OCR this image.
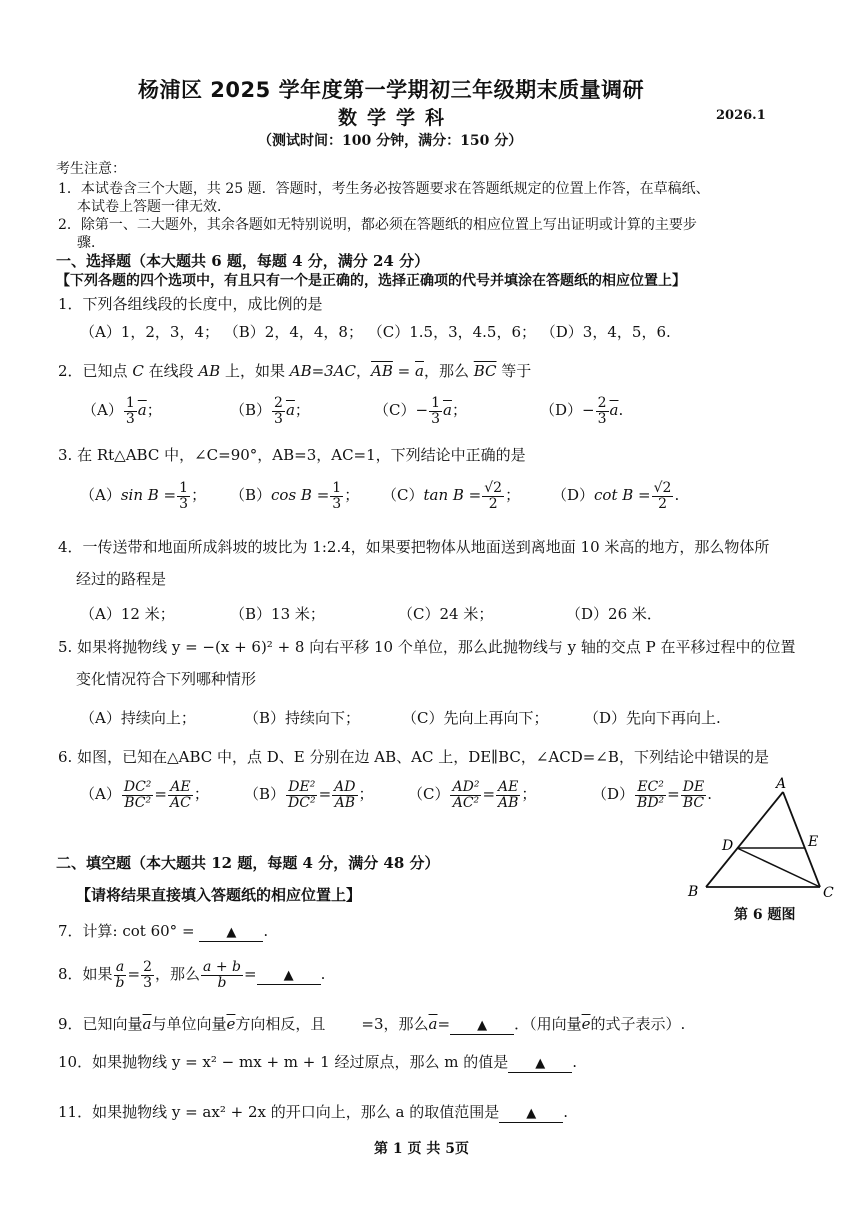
杨浦区 2025 学年度第一学期初三年级期末质量调研
数学学科	2026.1
（测试时间：100 分钟，满分：150 分）
考生注意：
1．本试卷含三个大题，共 25 题．答题时，考生务必按答题要求在答题纸规定的位置上作答，在草稿纸、
本试卷上答题一律无效．
2．除第一、二大题外，其余各题如无特别说明，都必须在答题纸的相应位置上写出证明或计算的主要步
骤．
一、选择题（本大题共 6 题，每题 4 分，满分 24 分）
【下列各题的四个选项中，有且只有一个是正确的，选择正确项的代号并填涂在答题纸的相应位置上】
1．下列各组线段的长度中，成比例的是
（A）1，2，3，4； （B）2，4，4，8； （C）1.5，3，4.5，6； （D）3，4，5，6.
2．已知点 C 在线段 AB 上，如果 AB=3AC，$\overline{AB} = \overline{a}$，那么 $\overline{BC}$ 等于
$(A) \frac{1}{3} \overline{a}$；	$(B) \frac{2}{3} \overline{a}$；	$(C)- \frac{1}{3} \overline{a}$；	$(D)- \frac{2}{3} \overline{a}$.
3. 在 Rt△ABC 中，∠C=90°，AB=3，AC=1，下列结论中正确的是
（A）sin $B = \frac{1}{3}$ ； （B）cos $B = \frac{1}{3}$ ； （C）tan $B = \frac{√2}{2}$ ； （D）cot $B = \frac{√2}{2}$ .
4．一传送带和地面所成斜坡的坡比为 1:2.4，如果要把物体从地面送到离地面 10 米高的地方，那么物体所
经过的路程是
（A）12 米；	（B）13 米；	（C）24 米；	（D）26 米．
5. 如果将抛物线 y = −(x + 6)² + 8 向右平移 10 个单位，那么此抛物线与 y 轴的交点 P 在平移过程中的位置
变化情况符合下列哪种情形
（A）持续向上；	（B）持续向下；	（C）先向上再向下； （D）先向下再向上.
6. 如图，已知在△ABC 中，点 D、E 分别在边 AB、AC 上，DE∥BC，∠ACD=∠B，下列结论中错误的是
$(A) \frac{\text{DC²}}{\text{BC²}} = \frac{AE}{AC}$ ； $(B) \frac{\text{DE²}}{\text{DC²}} = \frac{AD}{AB}$ ； $(C) \frac{\text{AD²}}{\text{AC²}} = \frac{AE}{AB}$ ；	$(D) \frac{\text{EC²}}{\text{BD²}} = \frac{DE}{BC}$ .
A
B	C
D	E
第 6 题图
二、填空题（本大题共 12 题，每题 4 分，满分 48 分）
【请将结果直接填入答题纸的相应位置上】
7．计算: cot 60° = ▲ .
8．如果 $\frac{a}{b} = \frac{2}{3}$ ，那么 $\frac{a + b}{b}$ = ▲ .
9．已知向量$\overline{a}$与单位向量$\overline{e}$方向相反，且 =3，那么$\overline{a}=$ ▲ ．（用向量$\overline{e}$的式子表示）.
10．如果抛物线 y = x² − mx + m + 1 经过原点，那么 m 的值是 ▲ .
11．如果抛物线 y = ax² + 2x 的开口向上，那么 a 的取值范围是 ▲ .
第 1 页 共 5页
